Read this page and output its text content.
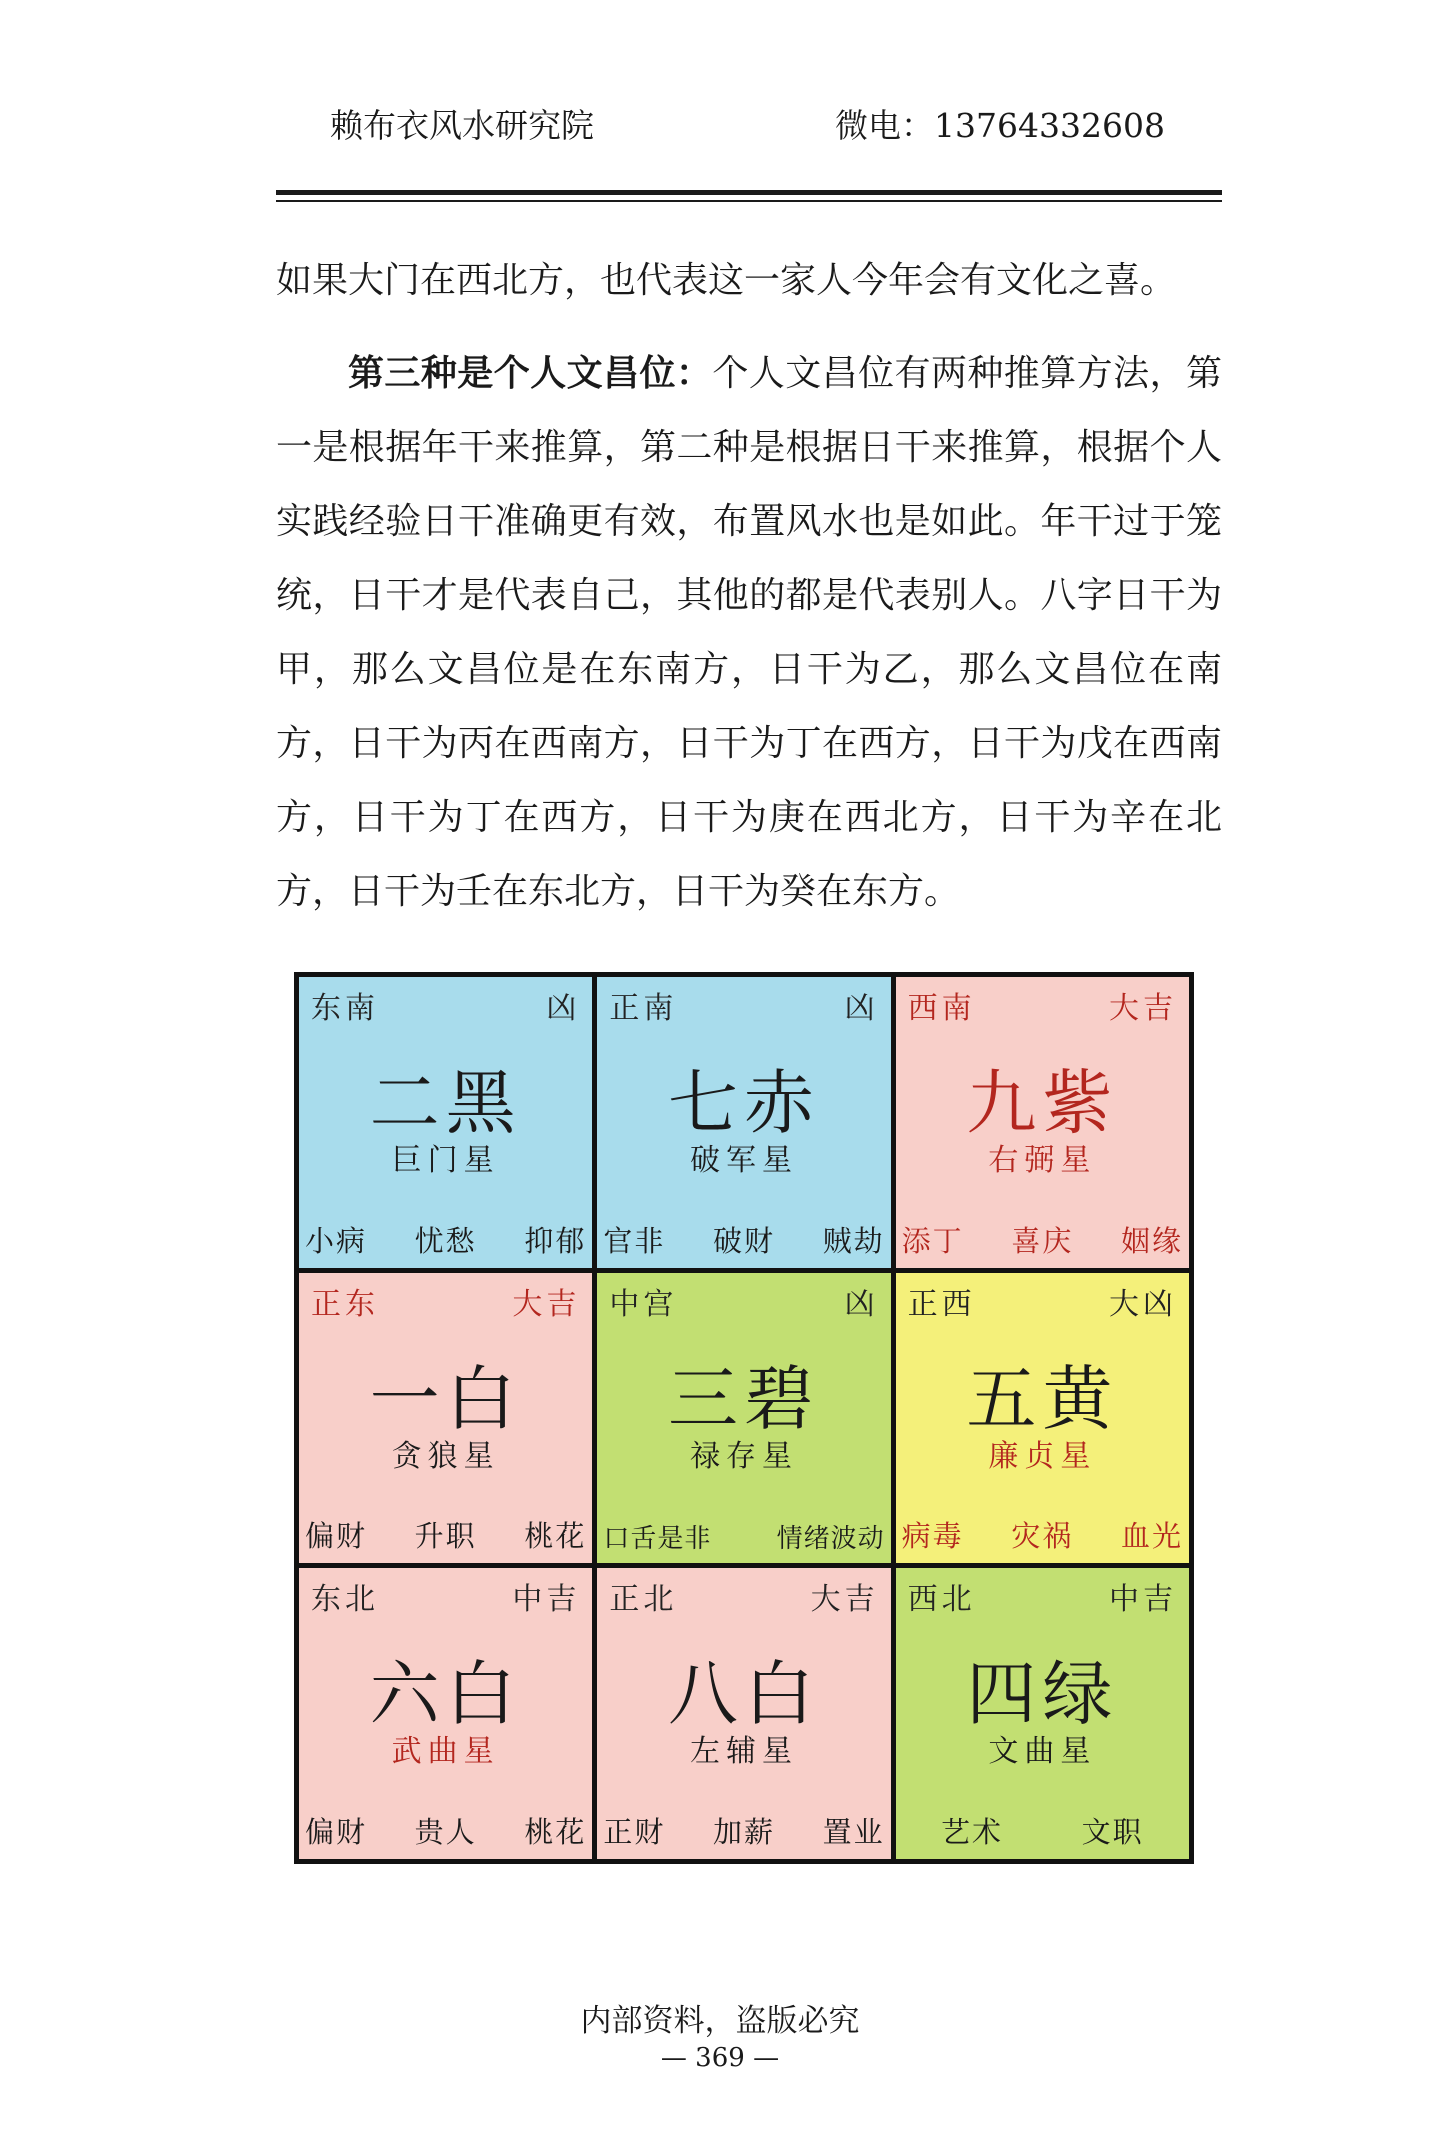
赖布衣风水研究院	微电：13764332608
如果大门在西北方，也代表这一家人今年会有文化之喜。
第三种是个人文昌位：个人文昌位有两种推算方法，第一是根据年干来推算，第二种是根据日干来推算，根据个人实践经验日干准确更有效，布置风水也是如此。年干过于笼统，日干才是代表自己，其他的都是代表别人。八字日干为甲，那么文昌位是在东南方，日干为乙，那么文昌位在南方，日干为丙在西南方，日干为丁在西方，日干为戊在西南方，日干为丁在西方，日干为庚在西北方，日干为辛在北方，日干为壬在东北方，日干为癸在东方。
东南	凶
二黑
巨门星
小病 忧愁 抑郁
正南	凶
七赤
破军星
官非 破财 贼劫
西南	大吉
九紫
右弼星
添丁 喜庆 姻缘
正东	大吉
一白
贪狼星
偏财 升职 桃花
中宫	凶
三碧
禄存星
口舌是非	情绪波动
正西	大凶
五黄
廉贞星
病毒 灾祸 血光
东北	中吉
六白
武曲星
偏财 贵人 桃花
正北	大吉
八白
左辅星
正财 加薪 置业
西北	中吉
四绿
文曲星
艺术	文职
内部资料，盗版必究
— 369 —
